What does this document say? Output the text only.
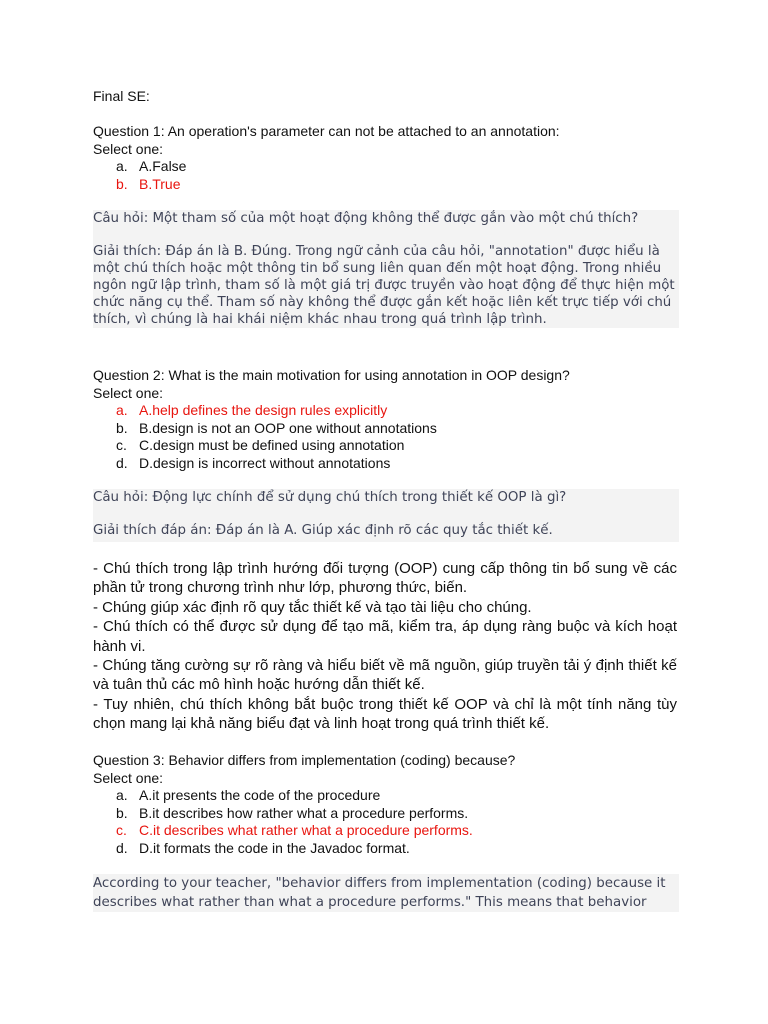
Final SE:
Question 1: An operation's parameter can not be attached to an annotation:
Select one:
a. A.False
b. B.True

Câu hỏi: Một tham số của một hoạt động không thể được gắn vào một chú thích?

Giải thích: Đáp án là B. Đúng. Trong ngữ cảnh của câu hỏi, "annotation" được hiểu là một chú thích hoặc một thông tin bổ sung liên quan đến một hoạt động. Trong nhiều ngôn ngữ lập trình, tham số là một giá trị được truyền vào hoạt động để thực hiện một chức năng cụ thể. Tham số này không thể được gắn kết hoặc liên kết trực tiếp với chú thích, vì chúng là hai khái niệm khác nhau trong quá trình lập trình.

Question 2: What is the main motivation for using annotation in OOP design?
Select one:
a. A.help defines the design rules explicitly
b. B.design is not an OOP one without annotations
c. C.design must be defined using annotation
d. D.design is incorrect without annotations

Câu hỏi: Động lực chính để sử dụng chú thích trong thiết kế OOP là gì?

Giải thích đáp án: Đáp án là A. Giúp xác định rõ các quy tắc thiết kế.

- Chú thích trong lập trình hướng đối tượng (OOP) cung cấp thông tin bổ sung về các phần tử trong chương trình như lớp, phương thức, biến.

- Chúng giúp xác định rõ quy tắc thiết kế và tạo tài liệu cho chúng.

- Chú thích có thể được sử dụng để tạo mã, kiểm tra, áp dụng ràng buộc và kích hoạt hành vi.

- Chúng tăng cường sự rõ ràng và hiểu biết về mã nguồn, giúp truyền tải ý định thiết kế và tuân thủ các mô hình hoặc hướng dẫn thiết kế.

- Tuy nhiên, chú thích không bắt buộc trong thiết kế OOP và chỉ là một tính năng tùy chọn mang lại khả năng biểu đạt và linh hoạt trong quá trình thiết kế.

Question 3: Behavior differs from implementation (coding) because?
Select one:
a. A.it presents the code of the procedure
b. B.it describes how rather what a procedure performs.
c. C.it describes what rather what a procedure performs.
d. D.it formats the code in the Javadoc format.

According to your teacher, "behavior differs from implementation (coding) because it describes what rather than what a procedure performs." This means that behavior
